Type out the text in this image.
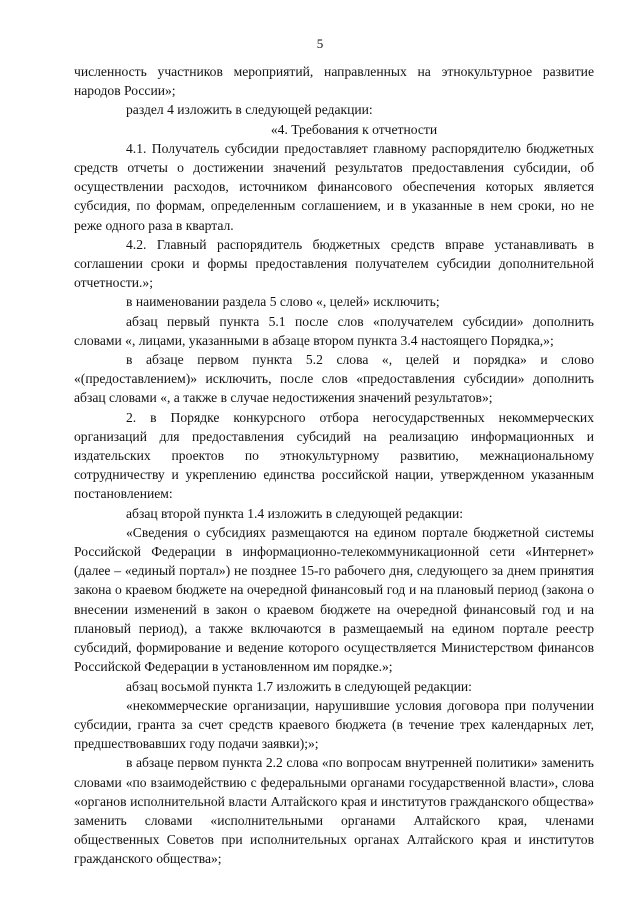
5

численность участников мероприятий, направленных на этнокультурное развитие народов России»;

раздел 4 изложить в следующей редакции:

«4. Требования к отчетности

4.1. Получатель субсидии предоставляет главному распорядителю бюджетных средств отчеты о достижении значений результатов предоставления субсидии, об осуществлении расходов, источником финансового обеспечения которых является субсидия, по формам, определенным соглашением, и в указанные в нем сроки, но не реже одного раза в квартал.

4.2. Главный распорядитель бюджетных средств вправе устанавливать в соглашении сроки и формы предоставления получателем субсидии дополнительной отчетности.»;

в наименовании раздела 5 слово «, целей» исключить;

абзац первый пункта 5.1 после слов «получателем субсидии» дополнить словами «, лицами, указанными в абзаце втором пункта 3.4 настоящего Порядка,»;

в абзаце первом пункта 5.2 слова «, целей и порядка» и слово «(предоставлением)» исключить, после слов «предоставления субсидии» дополнить абзац словами «, а также в случае недостижения значений результатов»;

2. в Порядке конкурсного отбора негосударственных некоммерческих организаций для предоставления субсидий на реализацию информационных и издательских проектов по этнокультурному развитию, межнациональному сотрудничеству и укреплению единства российской нации, утвержденном указанным постановлением:

абзац второй пункта 1.4 изложить в следующей редакции:

«Сведения о субсидиях размещаются на едином портале бюджетной системы Российской Федерации в информационно-телекоммуникационной сети «Интернет» (далее – «единый портал») не позднее 15-го рабочего дня, следующего за днем принятия закона о краевом бюджете на очередной финансовый год и на плановый период (закона о внесении изменений в закон о краевом бюджете на очередной финансовый год и на плановый период), а также включаются в размещаемый на едином портале реестр субсидий, формирование и ведение которого осуществляется Министерством финансов Российской Федерации в установленном им порядке.»;

абзац восьмой пункта 1.7 изложить в следующей редакции:

«некоммерческие организации, нарушившие условия договора при получении субсидии, гранта за счет средств краевого бюджета (в течение трех календарных лет, предшествовавших году подачи заявки);»;

в абзаце первом пункта 2.2 слова «по вопросам внутренней политики» заменить словами «по взаимодействию с федеральными органами государственной власти», слова «органов исполнительной власти Алтайского края и институтов гражданского общества» заменить словами «исполнительными органами Алтайского края, членами общественных Советов при исполнительных органах Алтайского края и институтов гражданского общества»;
